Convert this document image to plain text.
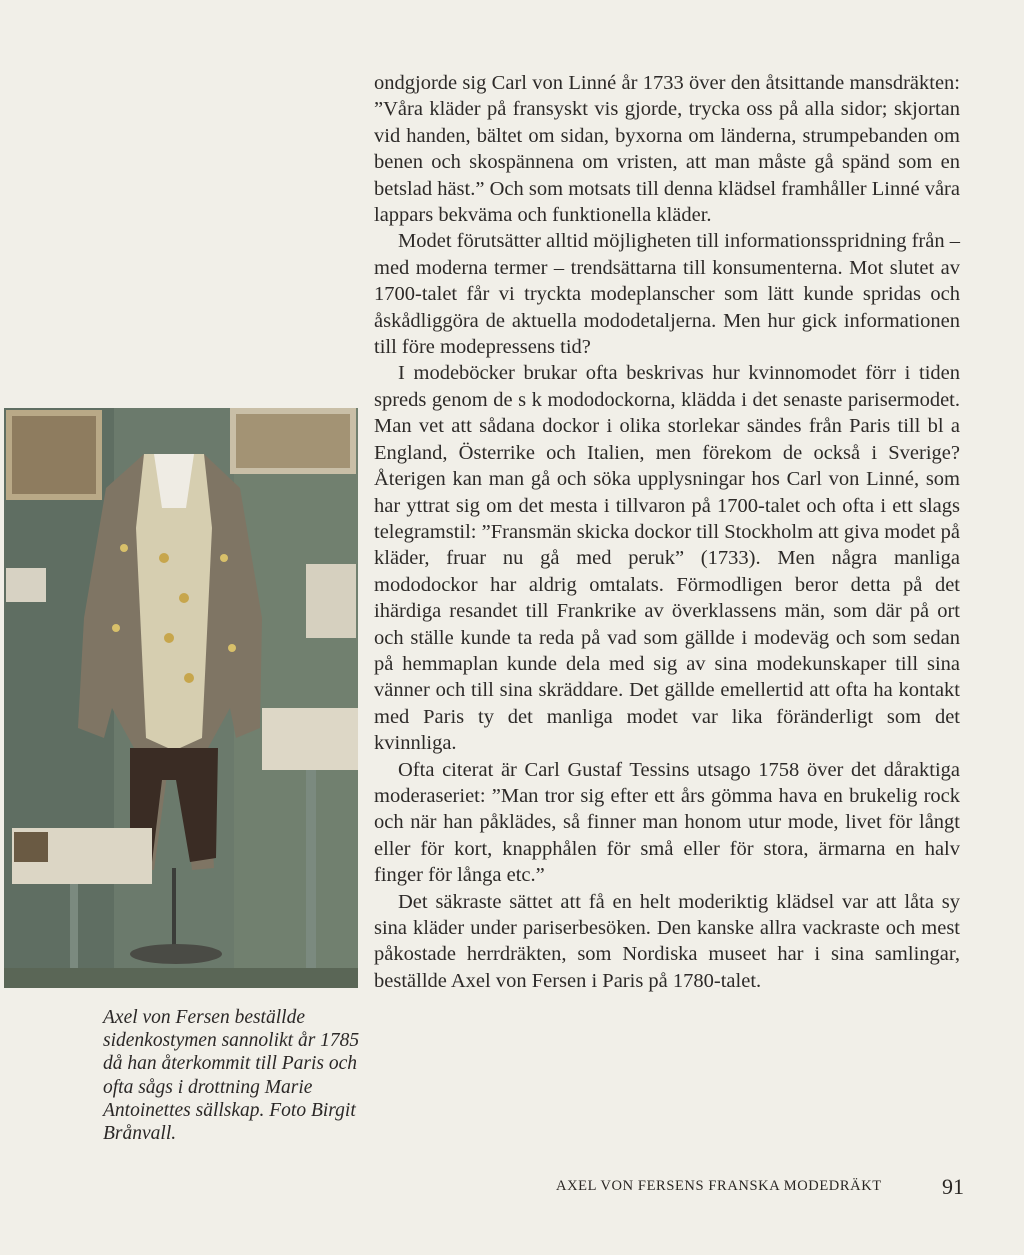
Axel von Fersen beställde sidenkostymen sannolikt år 1785 då han återkommit till Paris och ofta sågs i drottning Marie Antoinettes sällskap. Foto Birgit Brånvall.

ondgjorde sig Carl von Linné år 1733 över den åtsittande mansdräkten: ”Våra kläder på fransyskt vis gjorde, trycka oss på alla sidor; skjortan vid handen, bältet om sidan, byxorna om länderna, strumpebanden om benen och skospännena om vristen, att man måste gå spänd som en betslad häst.” Och som motsats till denna klädsel framhåller Linné våra lappars bekväma och funktionella kläder.

Modet förutsätter alltid möjligheten till informationsspridning från – med moderna termer – trendsättarna till konsumenterna. Mot slutet av 1700-talet får vi tryckta modeplanscher som lätt kunde spridas och åskådliggöra de aktuella mododetaljerna. Men hur gick informationen till före modepressens tid?

I modeböcker brukar ofta beskrivas hur kvinnomodet förr i tiden spreds genom de s k mododockorna, klädda i det senaste parisermodet. Man vet att sådana dockor i olika storlekar sändes från Paris till bl a England, Österrike och Italien, men förekom de också i Sverige? Återigen kan man gå och söka upplysningar hos Carl von Linné, som har yttrat sig om det mesta i tillvaron på 1700-talet och ofta i ett slags telegramstil: ”Fransmän skicka dockor till Stockholm att giva modet på kläder, fruar nu gå med peruk” (1733). Men några manliga mododockor har aldrig omtalats. Förmodligen beror detta på det ihärdiga resandet till Frankrike av överklassens män, som där på ort och ställe kunde ta reda på vad som gällde i modeväg och som sedan på hemmaplan kunde dela med sig av sina modekunskaper till sina vänner och till sina skräddare. Det gällde emellertid att ofta ha kontakt med Paris ty det manliga modet var lika föränderligt som det kvinnliga.

Ofta citerat är Carl Gustaf Tessins utsago 1758 över det dåraktiga moderaseriet: ”Man tror sig efter ett års gömma hava en brukelig rock och när han påklädes, så finner man honom utur mode, livet för långt eller för kort, knapphålen för små eller för stora, ärmarna en halv finger för långa etc.”

Det säkraste sättet att få en helt moderiktig klädsel var att låta sy sina kläder under pariserbesöken. Den kanske allra vackraste och mest påkostade herrdräkten, som Nordiska museet har i sina samlingar, beställde Axel von Fersen i Paris på 1780-talet.

AXEL VON FERSENS FRANSKA MODEDRÄKT	91
